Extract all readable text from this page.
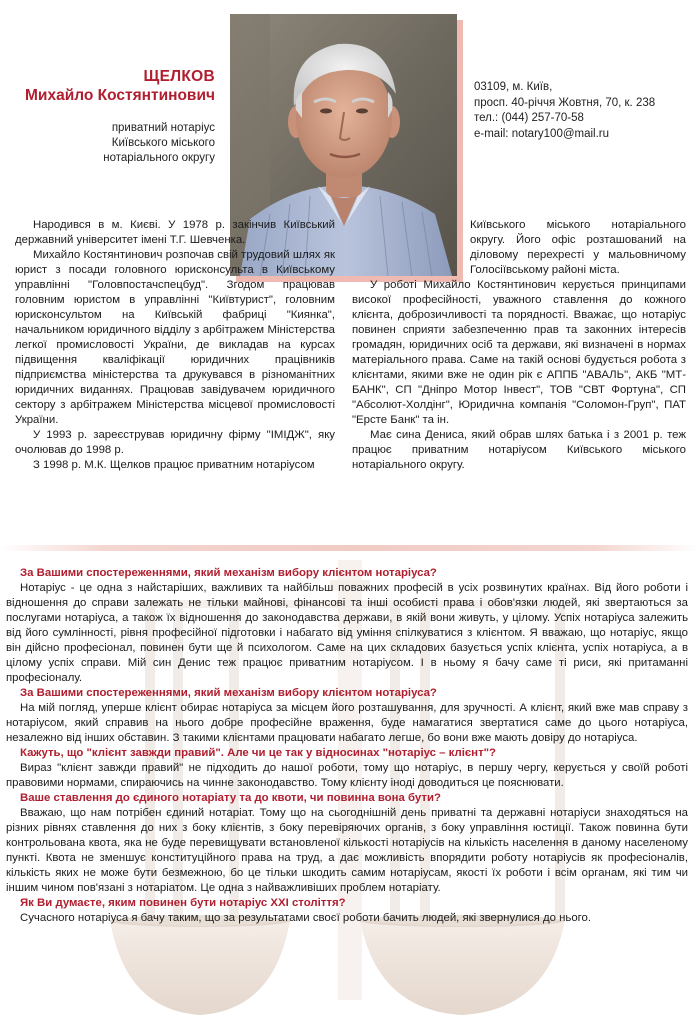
ЩЕЛКОВ
Михайло Костянтинович
приватний нотаріус
Київського міського
нотаріального округу
03109, м. Київ,
просп. 40-річчя Жовтня, 70, к. 238
тел.: (044) 257-70-58
e-mail: notary100@mail.ru

Народився в м. Києві. У 1978 р. закінчив Київський державний університет імені Т.Г. Шевченка.

Михайло Костянтинович розпочав свій трудовий шлях як юрист з посади головного юрисконсульта в Київському управлінні "Головпостачспецбуд". Згодом працював головним юристом в управлінні "Київтурист", головним юрисконсультом на Київській фабриці "Киянка", начальником юридичного відділу з арбітражем Міністерства легкої промисловості України, де викладав на курсах підвищення кваліфікації юридичних працівників підприємства міністерства та друкувався в різноманітних юридичних виданнях. Працював завідувачем юридичного сектору з арбітражем Міністерства місцевої промисловості України.

У 1993 р. зареєстрував юридичну фірму "ІМІДЖ", яку очолював до 1998 р.

З 1998 р. М.К. Щелков працює приватним нотаріусом

Київського міського нотаріального округу. Його офіс розташований на діловому перехресті у мальовничому Голосіївському районі міста.

У роботі Михайло Костянтинович керується принципами високої професійності, уважного ставлення до кожного клієнта, доброзичливості та порядності. Вважає, що нотаріус повинен сприяти забезпеченню прав та законних інтересів громадян, юридичних осіб та держави, які визначені в нормах матеріального права. Саме на такій основі будується робота з клієнтами, якими вже не один рік є АППБ "АВАЛЬ", АКБ "МТ-БАНК", СП "Дніпро Мотор Інвест", ТОВ "СВТ Фортуна", СП "Абсолют-Холдінг", Юридична компанія "Соломон-Груп", ПАТ "Ерсте Банк" та ін.

Має сина Дениса, який обрав шлях батька і з 2001 р. теж працює приватним нотаріусом Київського міського нотаріального округу.

За Вашими спостереженнями, який механізм вибору клієнтом нотаріуса?

Нотаріус - це одна з найстаріших, важливих та найбільш поважних професій в усіх розвинутих країнах. Від його роботи і відношення до справи залежать не тільки майнові, фінансові та інші особисті права і обов'язки людей, які звертаються за послугами нотаріуса, а також їх відношення до законодавства держави, в якій вони живуть, у цілому. Успіх нотаріуса залежить від його сумлінності, рівня професійної підготовки і набагато від уміння спілкуватися з клієнтом. Я вважаю, що нотаріус, якщо він дійсно професіонал, повинен бути ще й психологом. Саме на цих складових базується успіх клієнта, успіх нотаріуса, а в цілому успіх справи. Мій син Денис теж працює приватним нотаріусом. І в ньому я бачу саме ті риси, які притаманні професіоналу.

За Вашими спостереженнями, який механізм вибору клієнтом нотаріуса?

На мій погляд, уперше клієнт обирає нотаріуса за місцем його розташування, для зручності. А клієнт, який вже мав справу з нотаріусом, який справив на нього добре професійне враження, буде намагатися звертатися саме до цього нотаріуса, незалежно від інших обставин. З такими клієнтами працювати набагато легше, бо вони вже мають довіру до нотаріуса.

Кажуть, що "клієнт завжди правий". Але чи це так у відносинах "нотаріус – клієнт"?

Вираз "клієнт завжди правий" не підходить до нашої роботи, тому що нотаріус, в першу чергу, керується у своїй роботі правовими нормами, спираючись на чинне законодавство. Тому клієнту іноді доводиться це пояснювати.

Ваше ставлення до єдиного нотаріату та до квоти, чи повинна вона бути?

Вважаю, що нам потрібен єдиний нотаріат. Тому що на сьогоднішній день приватні та державні нотаріуси знаходяться на різних рівнях ставлення до них з боку клієнтів, з боку перевіряючих органів, з боку управління юстиції. Також повинна бути контрольована квота, яка не буде перевищувати встановленої кількості нотаріусів на кількість населення в даному населеному пункті. Квота не зменшує конституційного права на труд, а дає можливість впорядити роботу нотаріусів як професіоналів, кількість яких не може бути безмежною, бо це тільки шкодить самим нотаріусам, якості їх роботи і всім органам, які тим чи іншим чином пов'язані з нотаріатом. Це одна з найважливіших проблем нотаріату.

Як Ви думаєте, яким повинен бути нотаріус ХХІ століття?

Сучасного нотаріуса я бачу таким, що за результатами своєї роботи бачить людей, які звернулися до нього.
